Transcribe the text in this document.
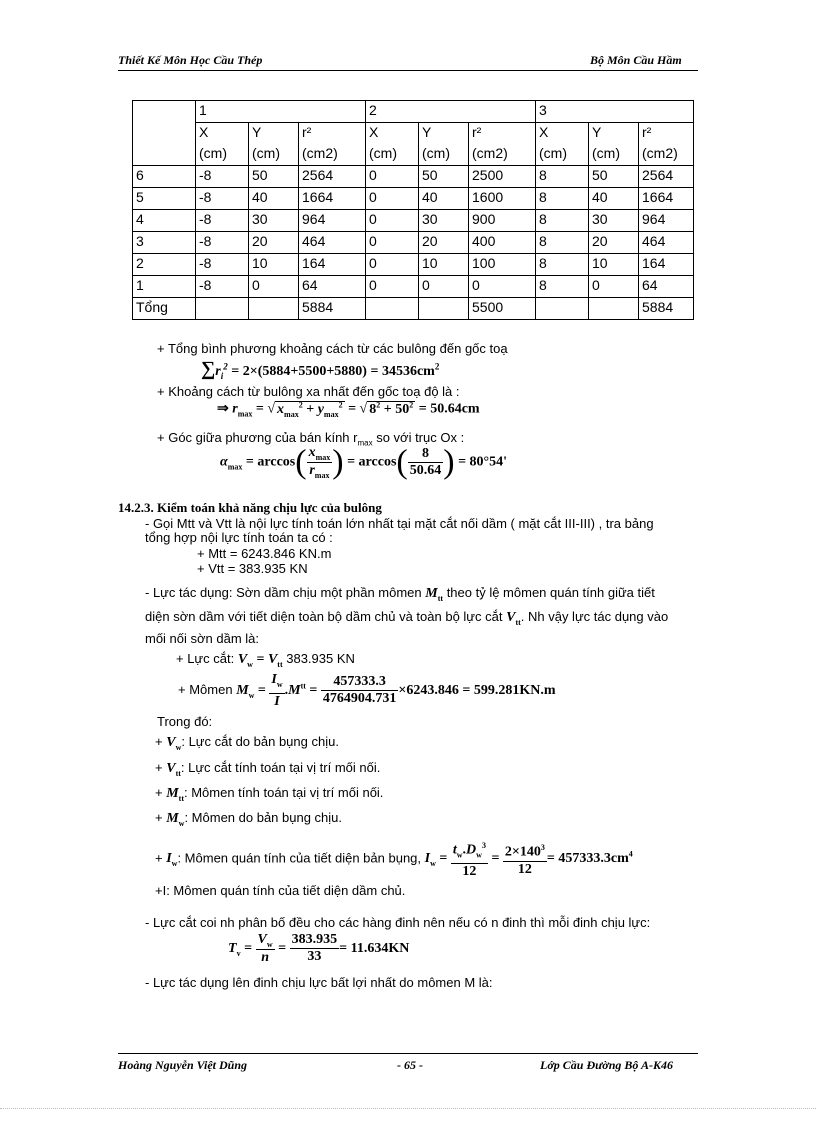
Thiết Kế Môn Học Cầu Thép	Bộ Môn Cầu Hầm
	1			2			3		
	X	Y	r²	X	Y	r²	X	Y	r²
	(cm)	(cm)	(cm2)	(cm)	(cm)	(cm2)	(cm)	(cm)	(cm2)
6	-8	50	2564	0	50	2500	8	50	2564
5	-8	40	1664	0	40	1600	8	40	1664
4	-8	30	964	0	30	900	8	30	964
3	-8	20	464	0	20	400	8	20	464
2	-8	10	164	0	10	100	8	10	164
1	-8	0	64	0	0	0	8	0	64
Tổng			5884			5500			5884
+ Tổng bình phương khoảng cách từ các bulông đến gốc toạ
$\sum r_i^2 = 2\times(5884+5500+5880) = 34536cm^2$
+ Khoảng cách từ bulông xa nhất đến gốc toạ độ là :
⇒ $r_{max}$ = √ $x_{max}^2 + y_{max}^2$ = √ $8^2 + 50^2 = 50.64cm$
+ Góc giữa phương của bán kính $r_{max}$ so với trục Ox :
$\alpha_{max} = \arccos( \frac{x_{max}}{r_{max}}$ ) = $\arccos( \frac{8}{50.64}$ ) = 80°54'
14.2.3. Kiểm toán khả năng chịu lực của bulông
- Gọi Mtt và Vtt là nội lực tính toán lớn nhất tại mặt cắt nối dầm ( mặt cắt III-III) , tra bảng
tổng hợp nội lực tính toán ta có :
+ Mtt = 6243.846 KN.m
+ Vtt = 383.935 KN
- Lực tác dụng: Sờn dầm chịu một phần mômen $M_{tt}$ theo tỷ lệ mômen quán tính giữa tiết
diện sờn dầm với tiết diện toàn bộ dầm chủ và toàn bộ lực cắt $V_{tt}$. Nh vậy lực tác dụng vào
mối nối sờn dầm là:
+ Lực cắt: $V_w = V_{tt}$ 383.935 KN
+ Mômen $M_w = \frac{I_w}{I} .M^{tt} = \frac{457333.3}{4764904.731} \times 6243.846 = 599.281KN.m$
Trong đó:
+ $V_w$: Lực cắt do bản bụng chịu.
+ $V_{tt}$: Lực cắt tính toán tại vị trí mối nối.
+ $M_{tt}$: Mômen tính toán tại vị trí mối nối.
+ $M_w$: Mômen do bản bụng chịu.
+ $I_w$: Mômen quán tính của tiết diện bản bụng, $I_w = \frac{t_w.D_w^3}{12} = \frac{2\times 140^3}{12} = 457333.3cm^4$
+I: Mômen quán tính của tiết diện dầm chủ.
- Lực cắt coi nh phân bố đều cho các hàng đinh nên nếu có n đinh thì mỗi đinh chịu lực:
$T_v = \frac{V_w}{n} = \frac{383.935}{33} = 11.634KN$
- Lực tác dụng lên đinh chịu lực bất lợi nhất do mômen M là:
Hoàng Nguyễn Việt Dũng	- 65 -	Lớp Cầu Đường Bộ A-K46
